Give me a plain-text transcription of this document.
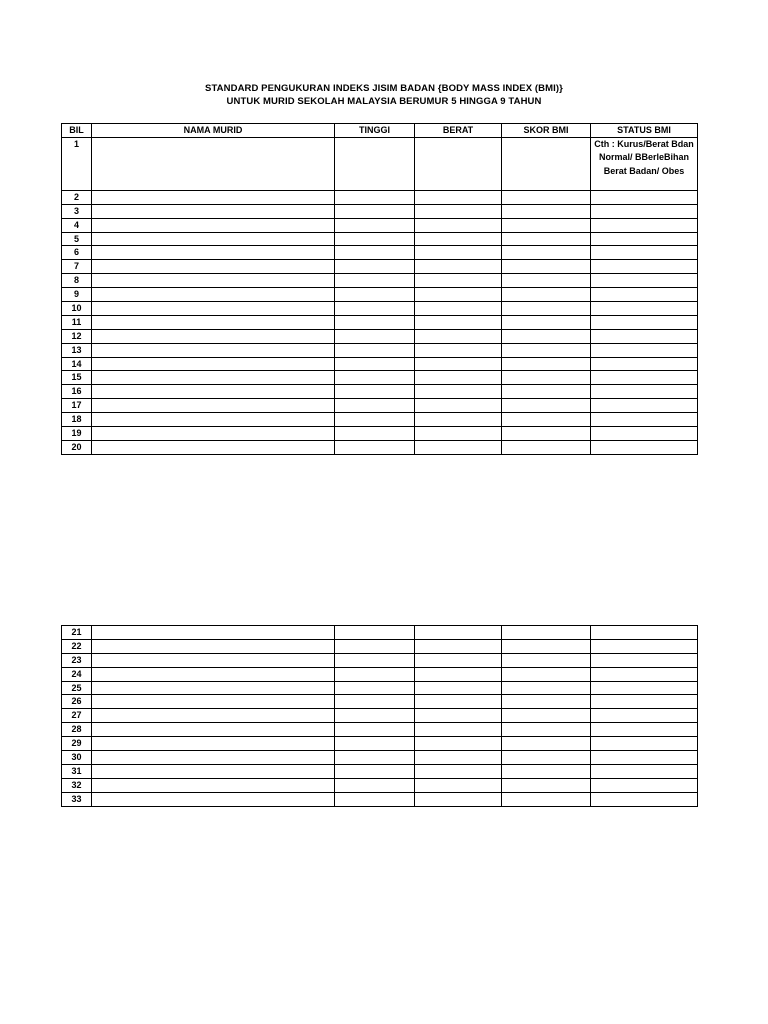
STANDARD PENGUKURAN INDEKS JISIM BADAN {BODY MASS INDEX (BMI)}
UNTUK MURID SEKOLAH MALAYSIA BERUMUR 5 HINGGA 9 TAHUN
BIL	NAMA MURID	TINGGI	BERAT	SKOR BMI	STATUS BMI
1					Cth : Kurus/Berat Bdan Normal/ BBerleBihan Berat Badan/ Obes
2					
3					
4					
5					
6					
7					
8					
9					
10					
11					
12					
13					
14					
15					
16					
17					
18					
19					
20					
21					
22					
23					
24					
25					
26					
27					
28					
29					
30					
31					
32					
33					
